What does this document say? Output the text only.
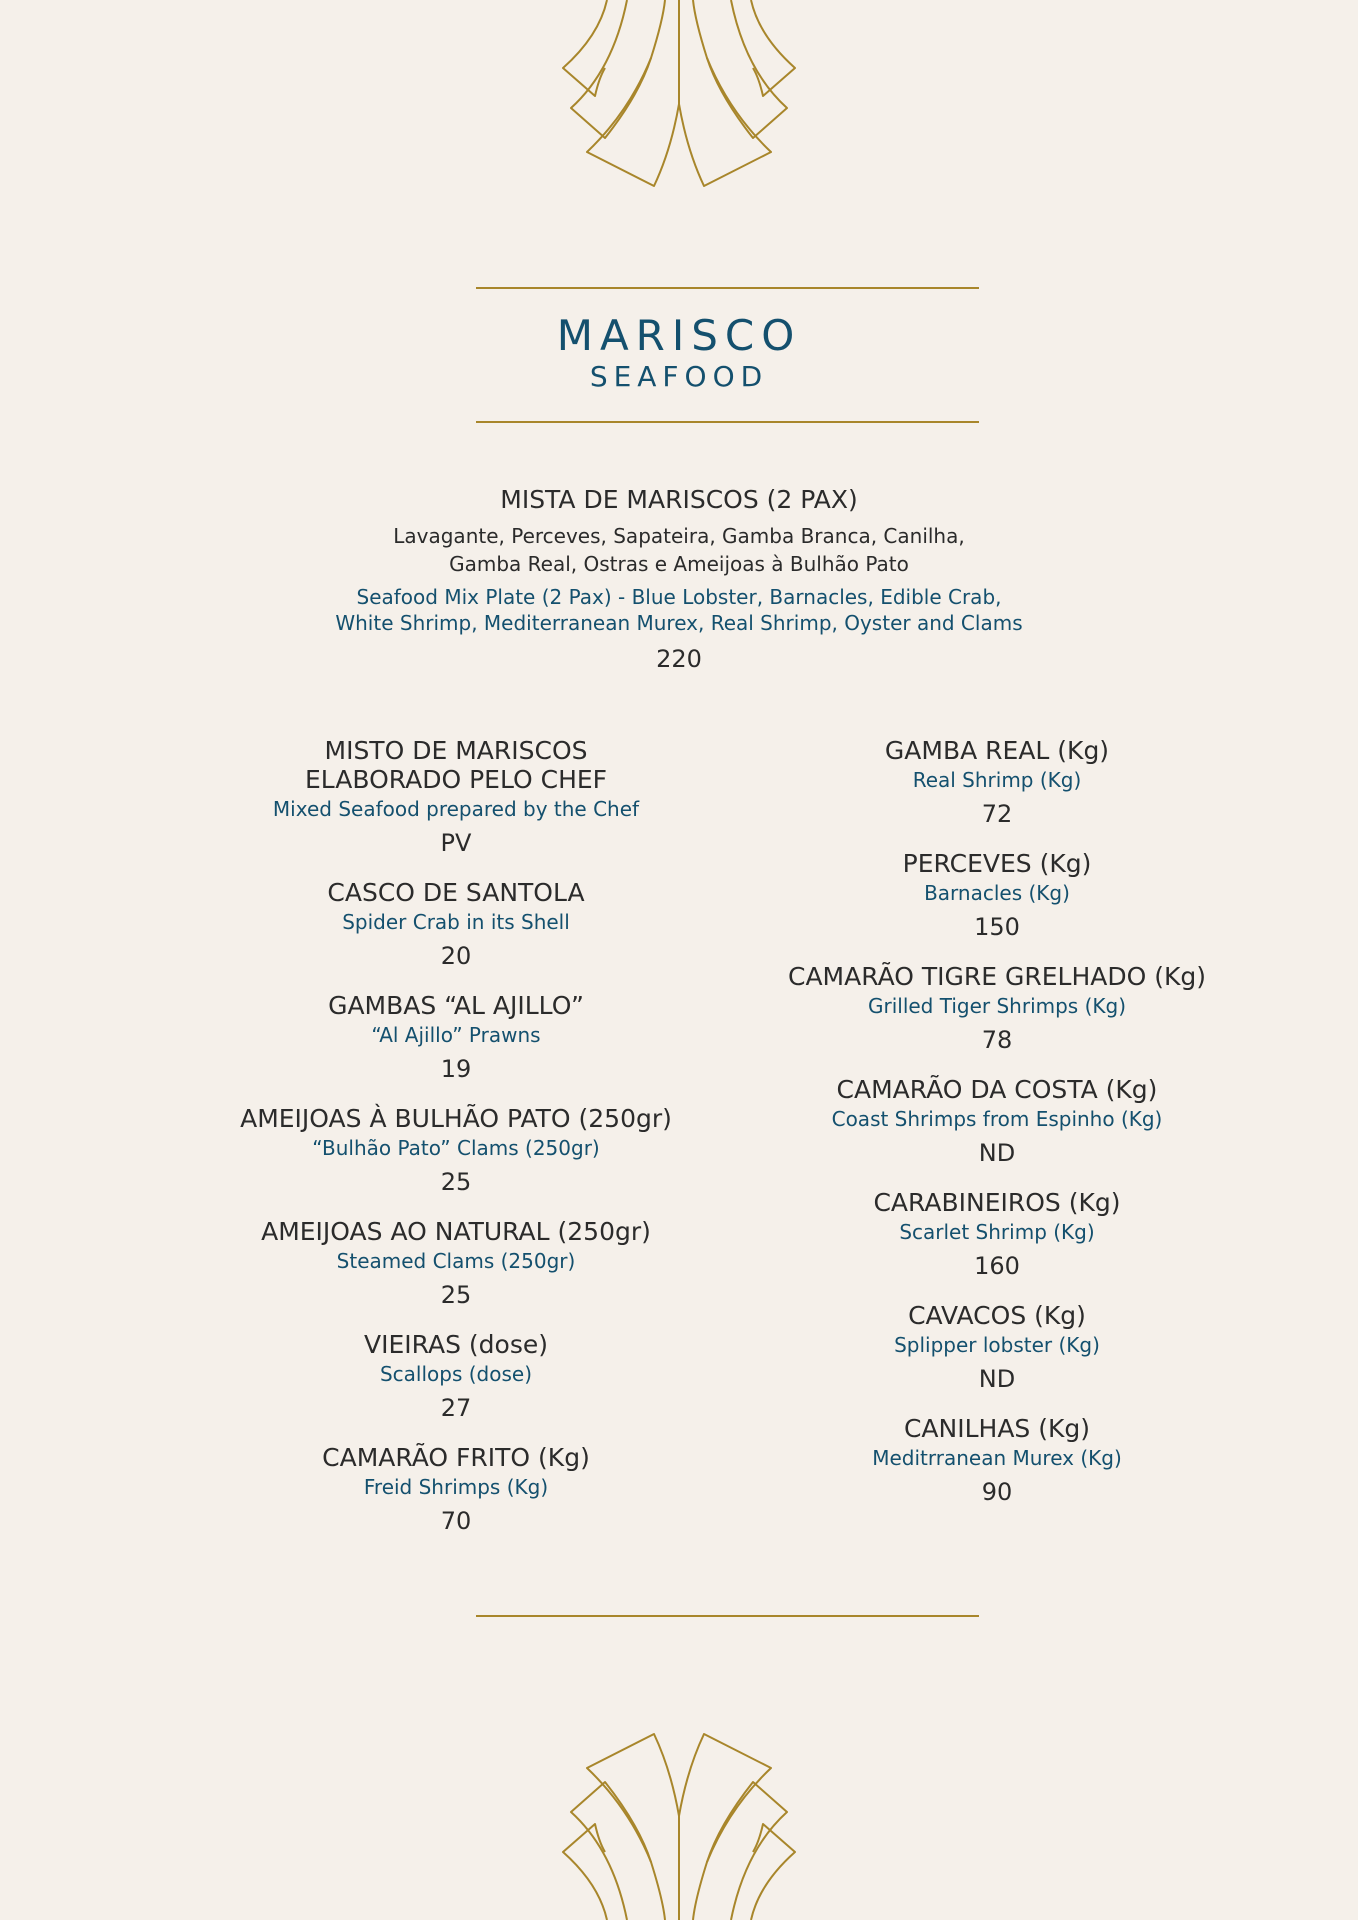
MARISCO
SEAFOOD
MISTA DE MARISCOS (2 PAX)
Lavagante, Perceves, Sapateira, Gamba Branca, Canilha,
Gamba Real, Ostras e Ameijoas à Bulhão Pato
Seafood Mix Plate (2 Pax) - Blue Lobster, Barnacles, Edible Crab,
White Shrimp, Mediterranean Murex, Real Shrimp, Oyster and Clams
220
MISTO DE MARISCOS
ELABORADO PELO CHEF
Mixed Seafood prepared by the Chef
PV
CASCO DE SANTOLA
Spider Crab in its Shell
20
GAMBAS “AL AJILLO”
“Al Ajillo” Prawns
19
AMEIJOAS À BULHÃO PATO (250gr)
“Bulhão Pato” Clams (250gr)
25
AMEIJOAS AO NATURAL (250gr)
Steamed Clams (250gr)
25
VIEIRAS (dose)
Scallops (dose)
27
CAMARÃO FRITO (Kg)
Freid Shrimps (Kg)
70
GAMBA REAL (Kg)
Real Shrimp (Kg)
72
PERCEVES (Kg)
Barnacles (Kg)
150
CAMARÃO TIGRE GRELHADO (Kg)
Grilled Tiger Shrimps (Kg)
78
CAMARÃO DA COSTA (Kg)
Coast Shrimps from Espinho (Kg)
ND
CARABINEIROS (Kg)
Scarlet Shrimp (Kg)
160
CAVACOS (Kg)
Splipper lobster (Kg)
ND
CANILHAS (Kg)
Meditrranean Murex (Kg)
90
